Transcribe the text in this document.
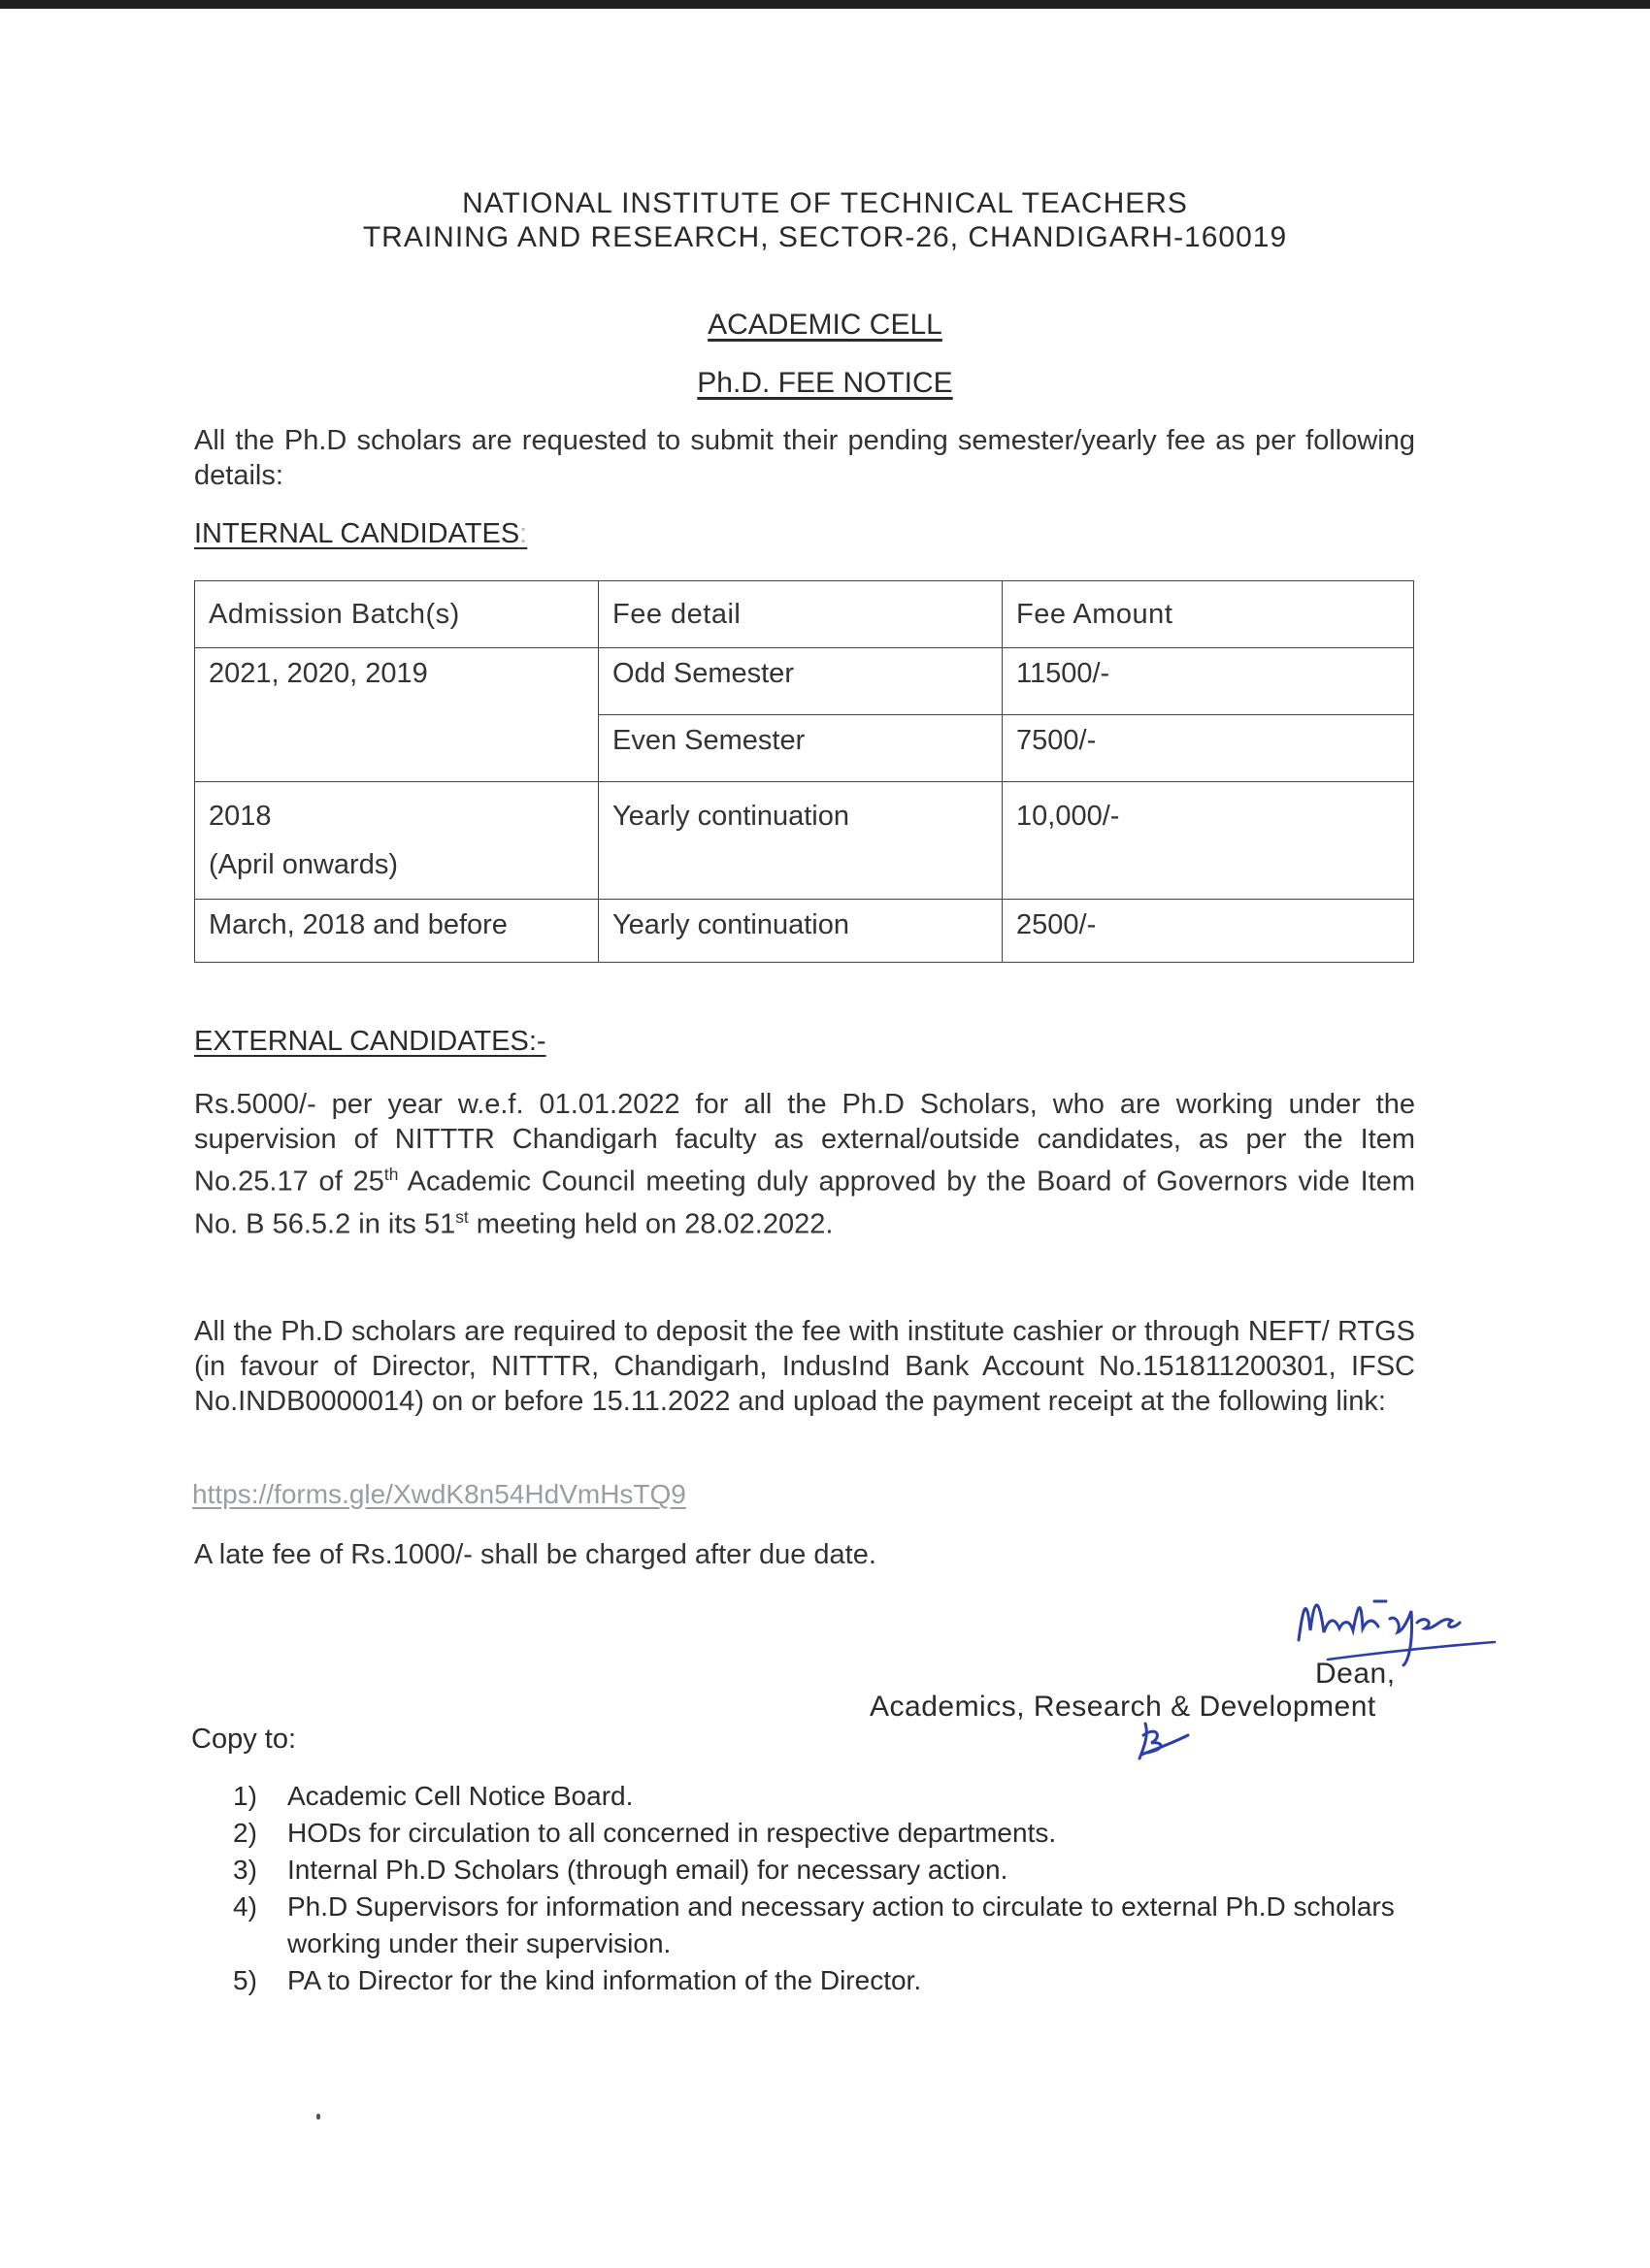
NATIONAL INSTITUTE OF TECHNICAL TEACHERS
TRAINING AND RESEARCH, SECTOR-26, CHANDIGARH-160019
ACADEMIC CELL
Ph.D. FEE NOTICE
All the Ph.D scholars are requested to submit their pending semester/yearly fee as per following details:
INTERNAL CANDIDATES:
Admission Batch(s)	Fee detail	Fee Amount
2021, 2020, 2019	Odd Semester	11500/-
	Even Semester	7500/-

2018
(April onwards)	Yearly continuation	10,000/-
March, 2018 and before	Yearly continuation	2500/-
EXTERNAL CANDIDATES:-
Rs.5000/- per year w.e.f. 01.01.2022 for all the Ph.D Scholars, who are working under the supervision of NITTTR Chandigarh faculty as external/outside candidates, as per the Item No.25.17 of 25th Academic Council meeting duly approved by the Board of Governors vide Item No. B 56.5.2 in its 51st meeting held on 28.02.2022.
All the Ph.D scholars are required to deposit the fee with institute cashier or through NEFT/ RTGS (in favour of Director, NITTTR, Chandigarh, IndusInd Bank Account No.151811200301, IFSC No.INDB0000014) on or before 15.11.2022 and upload the payment receipt at the following link:
https://forms.gle/XwdK8n54HdVmHsTQ9
A late fee of Rs.1000/- shall be charged after due date.
Dean,
Academics, Research & Development
Copy to:
1) Academic Cell Notice Board.
2) HODs for circulation to all concerned in respective departments.
3) Internal Ph.D Scholars (through email) for necessary action.
4) Ph.D Supervisors for information and necessary action to circulate to external Ph.D scholars working under their supervision.
5) PA to Director for the kind information of the Director.
